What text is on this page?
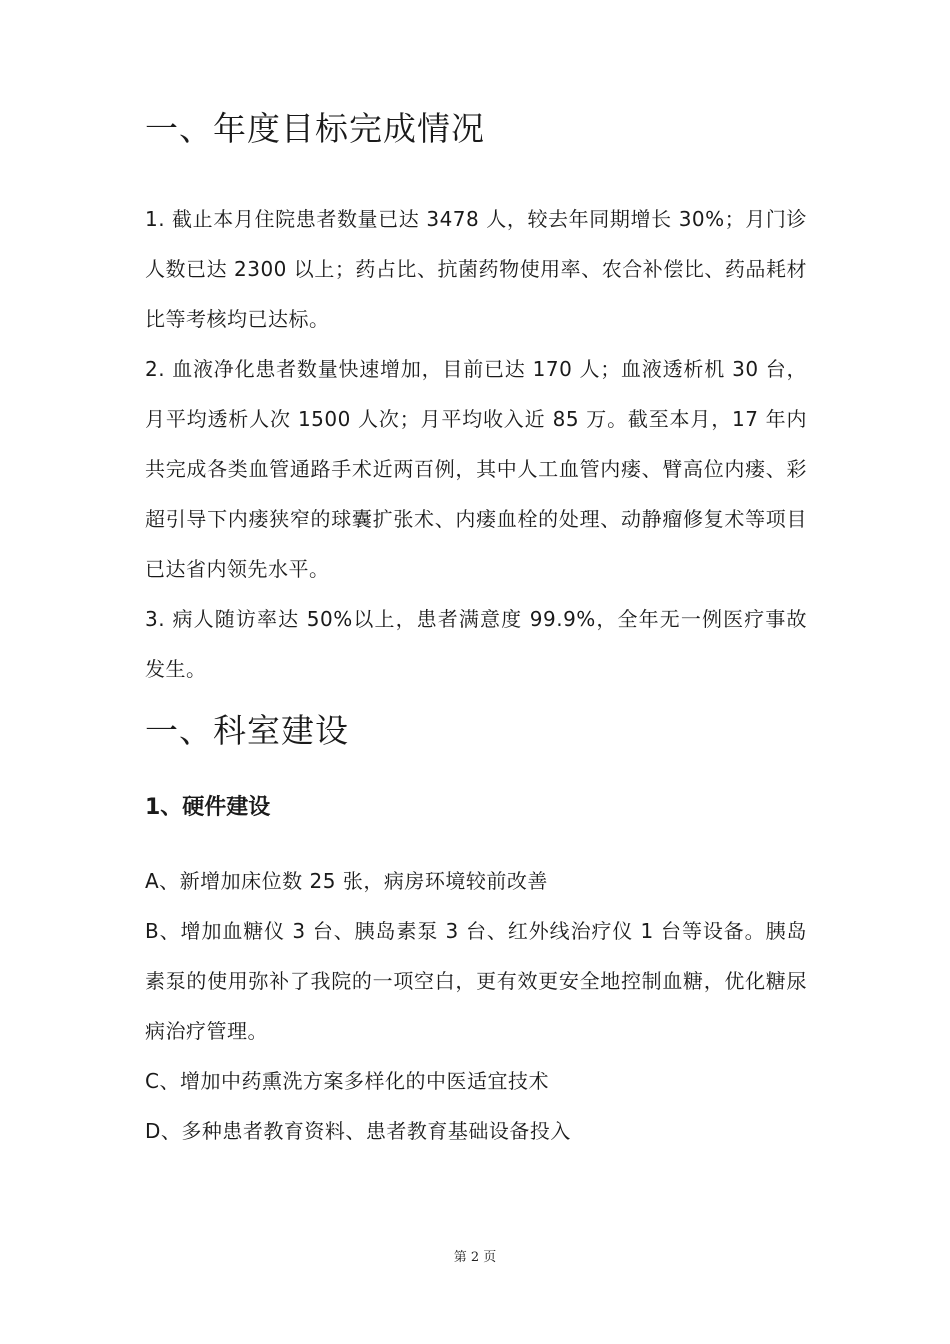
一、年度目标完成情况

1. 截止本月住院患者数量已达 3478 人，较去年同期增长 30%；月门诊人数已达 2300 以上；药占比、抗菌药物使用率、农合补偿比、药品耗材比等考核均已达标。

2. 血液净化患者数量快速增加，目前已达 170 人；血液透析机 30 台，月平均透析人次 1500 人次；月平均收入近 85 万。截至本月，17 年内共完成各类血管通路手术近两百例，其中人工血管内瘘、臂高位内瘘、彩超引导下内瘘狭窄的球囊扩张术、内瘘血栓的处理、动静瘤修复术等项目已达省内领先水平。

3. 病人随访率达 50%以上，患者满意度 99.9%，全年无一例医疗事故发生。

一、科室建设
1、硬件建设

A、新增加床位数 25 张，病房环境较前改善

B、增加血糖仪 3 台、胰岛素泵 3 台、红外线治疗仪 1 台等设备。胰岛素泵的使用弥补了我院的一项空白，更有效更安全地控制血糖，优化糖尿病治疗管理。

C、增加中药熏洗方案多样化的中医适宜技术

D、多种患者教育资料、患者教育基础设备投入

第 2 页
